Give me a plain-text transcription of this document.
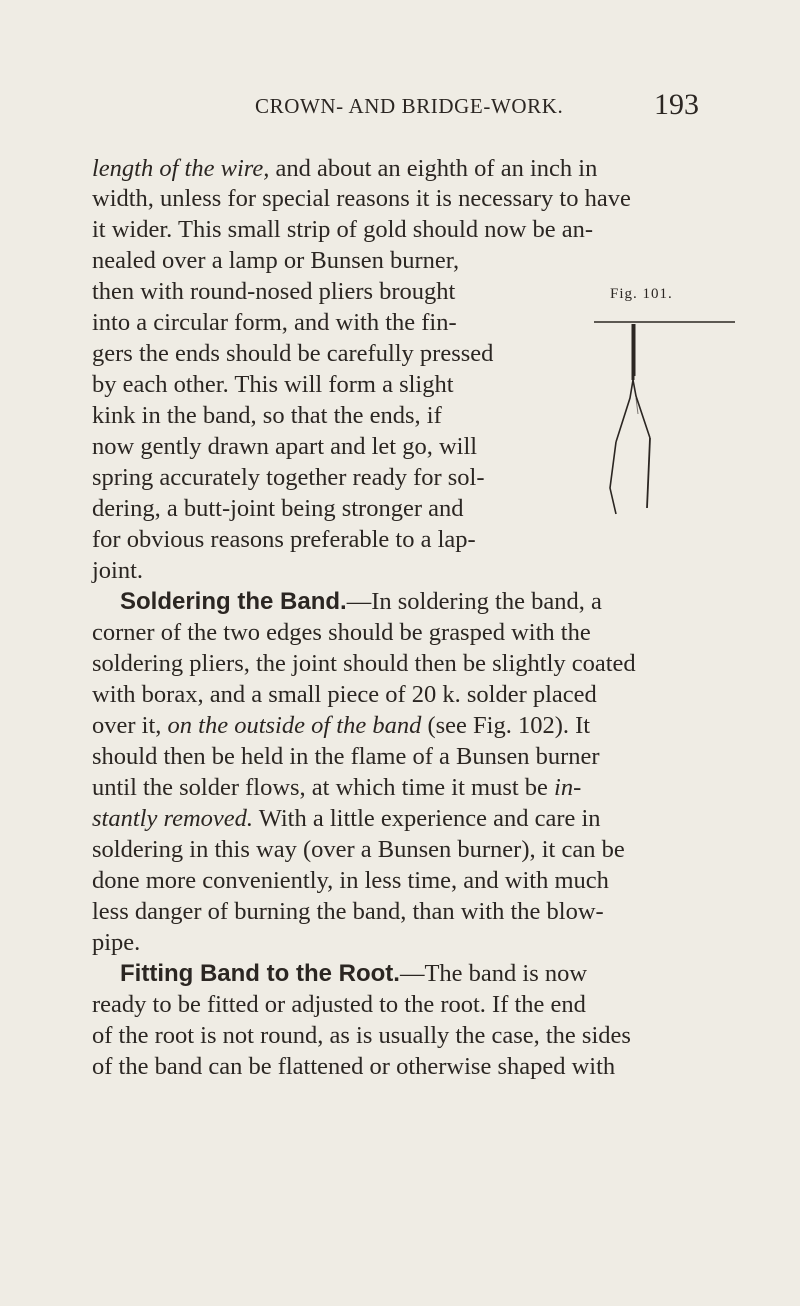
CROWN- AND BRIDGE-WORK.	193
Fig. 101.
length of the wire, and about an eighth of an inch in
width, unless for special reasons it is necessary to have
it wider. This small strip of gold should now be an-
nealed over a lamp or Bunsen burner,
then with round-nosed pliers brought
into a circular form, and with the fin-
gers the ends should be carefully pressed
by each other. This will form a slight
kink in the band, so that the ends, if
now gently drawn apart and let go, will
spring accurately together ready for sol-
dering, a butt-joint being stronger and
for obvious reasons preferable to a lap-
joint.
Soldering the Band.—In soldering the band, a
corner of the two edges should be grasped with the
soldering pliers, the joint should then be slightly coated
with borax, and a small piece of 20 k. solder placed
over it, on the outside of the band (see Fig. 102). It
should then be held in the flame of a Bunsen burner
until the solder flows, at which time it must be in-
stantly removed. With a little experience and care in
soldering in this way (over a Bunsen burner), it can be
done more conveniently, in less time, and with much
less danger of burning the band, than with the blow-
pipe.
Fitting Band to the Root.—The band is now
ready to be fitted or adjusted to the root. If the end
of the root is not round, as is usually the case, the sides
of the band can be flattened or otherwise shaped with
